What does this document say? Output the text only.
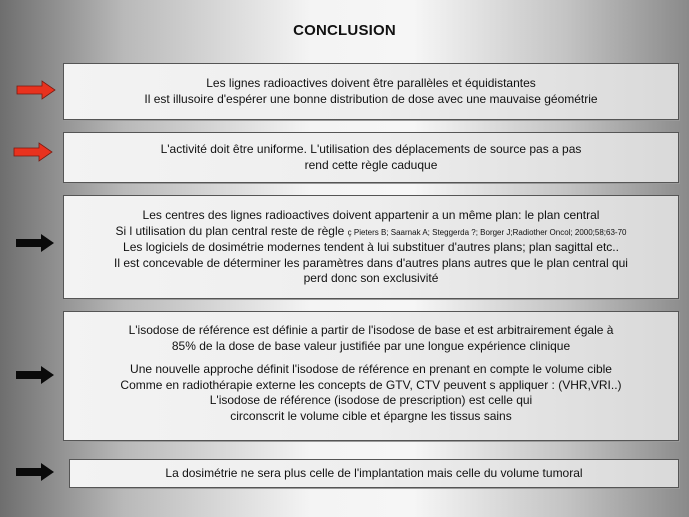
CONCLUSION

Les lignes radioactives doivent être parallèles et équidistantes

Il est illusoire d'espérer une bonne distribution de dose avec une mauvaise géométrie

L'activité doit être uniforme. L'utilisation des déplacements de source pas a pas

rend cette règle caduque

Les centres des lignes radioactives doivent appartenir a un même plan: le plan central

Si l utilisation du plan central reste de règle ç Pieters B; Saarnak A; Steggerda ?; Borger J;Radiother Oncol; 2000;58;63-70

Les logiciels de dosimétrie modernes tendent à lui substituer d'autres plans; plan sagittal etc..

Il est concevable de déterminer les paramètres dans d'autres plans autres que le plan central qui

perd donc son exclusivité

L'isodose de référence est définie a partir de l'isodose de base et est arbitrairement égale à

85% de la dose de base valeur justifiée par une longue expérience clinique

Une nouvelle approche définit l'isodose de référence en prenant en compte le volume cible

Comme en radiothérapie externe les concepts de GTV, CTV peuvent s appliquer : (VHR,VRI..)

L'isodose de référence (isodose de prescription) est celle qui

circonscrit le volume cible et épargne les tissus sains

La dosimétrie ne sera plus celle de l'implantation mais celle du volume tumoral
